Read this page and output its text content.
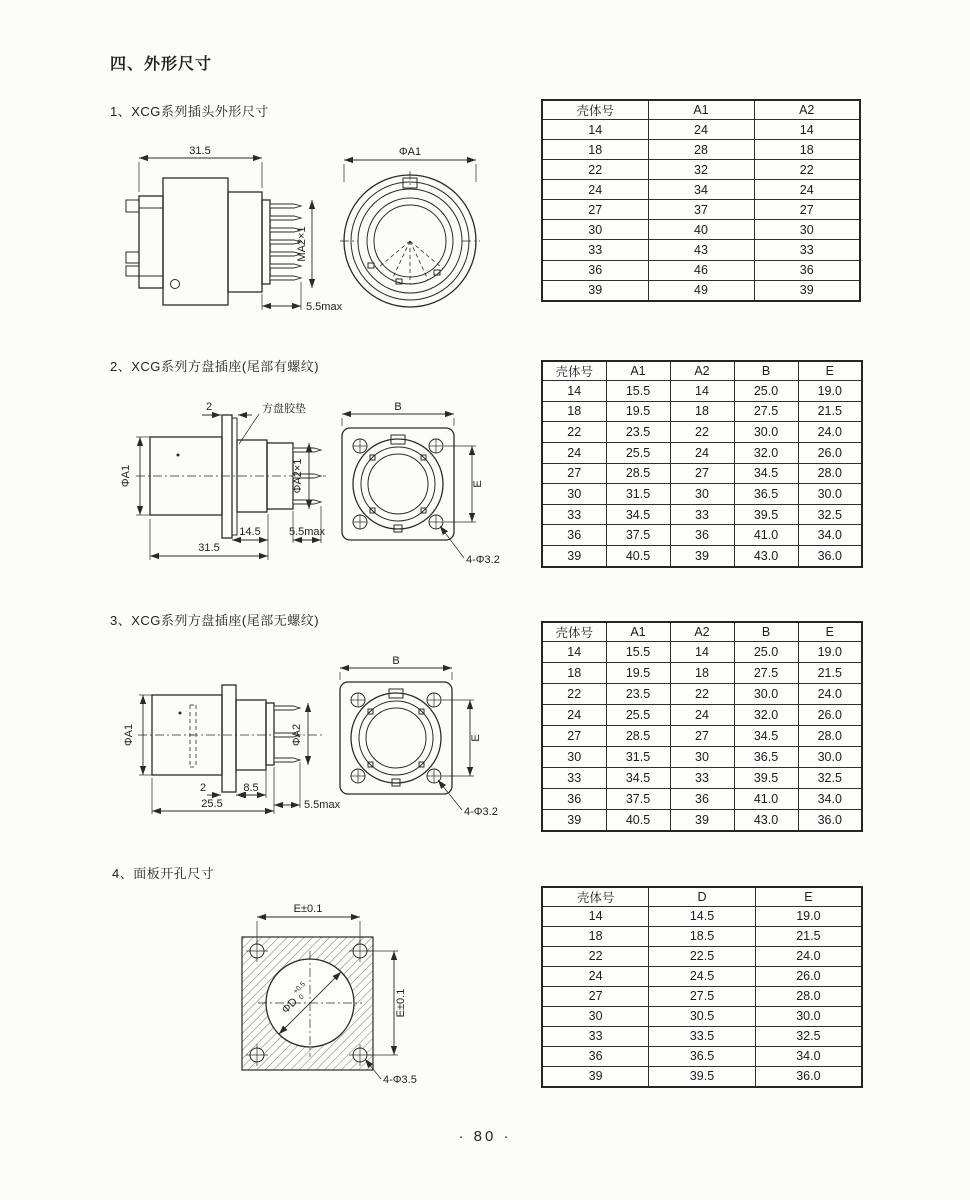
四、外形尺寸
1、XCG系列插头外形尺寸
31.5
MA2×1
5.5max
ΦA1
壳体号	A1	A2
14	24	14
18	28	18
22	32	22
24	34	24
27	37	27
30	40	30
33	43	33
36	46	36
39	49	39
2、XCG系列方盘插座(尾部有螺纹)
2	方盘胶垫
ΦA1	ΦA2×1
14.5	5.5max
31.5
B
E
4-Φ3.2
壳体号	A1	A2	B	E
14	15.5	14	25.0	19.0
18	19.5	18	27.5	21.5
22	23.5	22	30.0	24.0
24	25.5	24	32.0	26.0
27	28.5	27	34.5	28.0
30	31.5	30	36.5	30.0
33	34.5	33	39.5	32.5
36	37.5	36	41.0	34.0
39	40.5	39	43.0	36.0
3、XCG系列方盘插座(尾部无螺纹)
ΦA1	ΦA2
2	8.5
5.5max
25.5
B
E
4-Φ3.2
壳体号	A1	A2	B	E
14	15.5	14	25.0	19.0
18	19.5	18	27.5	21.5
22	23.5	22	30.0	24.0
24	25.5	24	32.0	26.0
27	28.5	27	34.5	28.0
30	31.5	30	36.5	30.0
33	34.5	33	39.5	32.5
36	37.5	36	41.0	34.0
39	40.5	39	43.0	36.0
4、面板开孔尺寸
E±0.1
ΦD
+0.5
0	E±0.1
4-Φ3.5
壳体号	D	E
14	14.5	19.0
18	18.5	21.5
22	22.5	24.0
24	24.5	26.0
27	27.5	28.0
30	30.5	30.0
33	33.5	32.5
36	36.5	34.0
39	39.5	36.0
· 80 ·
